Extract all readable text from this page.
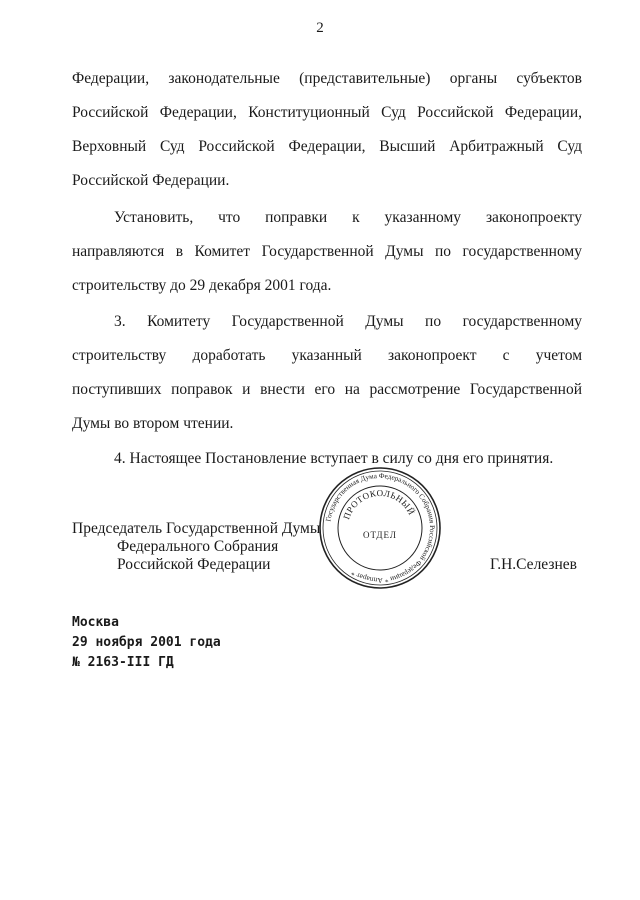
2
Федерации, законодательные (представительные) органы субъектов
Российской Федерации, Конституционный Суд Российской Федерации,
Верховный Суд Российской Федерации, Высший Арбитражный Суд
Российской Федерации.
Установить, что поправки к указанному законопроекту
направляются в Комитет Государственной Думы по государственному
строительству до 29 декабря 2001 года.
3. Комитету Государственной Думы по государственному
строительству доработать указанный законопроект с учетом
поступивших поправок и внести его на рассмотрение Государственной
Думы во втором чтении.
4. Настоящее Постановление вступает в силу со дня его принятия.
Председатель Государственной Думы
Федерального Собрания
Российской Федерации	Г.Н.Селезнев
Государственная Дума Федерального Собрания Российской Федерации * Аппарат *
ПРОТОКОЛЬНЫЙ
ОТДЕЛ
Москва
29 ноября 2001 года
№ 2163-III ГД
